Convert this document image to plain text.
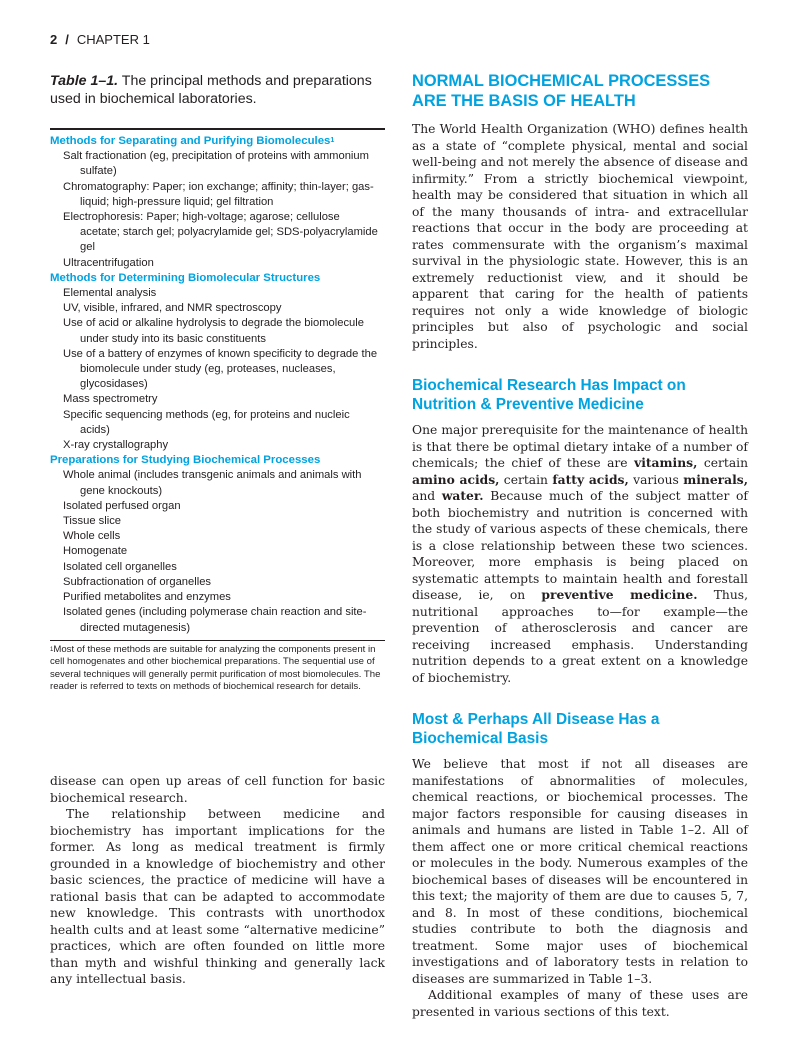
2 / CHAPTER 1
Table 1–1. The principal methods and preparations used in biochemical laboratories.
Methods for Separating and Purifying Biomolecules$^1$
Salt fractionation (eg, precipitation of proteins with ammonium sulfate)
Chromatography: Paper; ion exchange; affinity; thin-layer; gas-liquid; high-pressure liquid; gel filtration
Electrophoresis: Paper; high-voltage; agarose; cellulose acetate; starch gel; polyacrylamide gel; SDS-polyacrylamide gel
Ultracentrifugation
Methods for Determining Biomolecular Structures
Elemental analysis
UV, visible, infrared, and NMR spectroscopy
Use of acid or alkaline hydrolysis to degrade the biomolecule under study into its basic constituents
Use of a battery of enzymes of known specificity to degrade the biomolecule under study (eg, proteases, nucleases, glycosidases)
Mass spectrometry
Specific sequencing methods (eg, for proteins and nucleic acids)
X-ray crystallography
Preparations for Studying Biochemical Processes
Whole animal (includes transgenic animals and animals with gene knockouts)
Isolated perfused organ
Tissue slice
Whole cells
Homogenate
Isolated cell organelles
Subfractionation of organelles
Purified metabolites and enzymes
Isolated genes (including polymerase chain reaction and site-directed mutagenesis)
$^1$Most of these methods are suitable for analyzing the components present in cell homogenates and other biochemical preparations. The sequential use of several techniques will generally permit purification of most biomolecules. The reader is referred to texts on methods of biochemical research for details.

disease can open up areas of cell function for basic biochemical research.

The relationship between medicine and biochemistry has important implications for the former. As long as medical treatment is firmly grounded in a knowledge of biochemistry and other basic sciences, the practice of medicine will have a rational basis that can be adapted to accommodate new knowledge. This contrasts with unorthodox health cults and at least some “alternative medicine” practices, which are often founded on little more than myth and wishful thinking and generally lack any intellectual basis.

NORMAL BIOCHEMICAL PROCESSES ARE THE BASIS OF HEALTH

The World Health Organization (WHO) defines health as a state of “complete physical, mental and social well-being and not merely the absence of disease and infirmity.” From a strictly biochemical viewpoint, health may be considered that situation in which all of the many thousands of intra- and extracellular reactions that occur in the body are proceeding at rates commensurate with the organism’s maximal survival in the physiologic state. However, this is an extremely reductionist view, and it should be apparent that caring for the health of patients requires not only a wide knowledge of biologic principles but also of psychologic and social principles.

Biochemical Research Has Impact on Nutrition & Preventive Medicine

One major prerequisite for the maintenance of health is that there be optimal dietary intake of a number of chemicals; the chief of these are vitamins, certain amino acids, certain fatty acids, various minerals, and water. Because much of the subject matter of both biochemistry and nutrition is concerned with the study of various aspects of these chemicals, there is a close relationship between these two sciences. Moreover, more emphasis is being placed on systematic attempts to maintain health and forestall disease, ie, on preventive medicine. Thus, nutritional approaches to—for example—the prevention of atherosclerosis and cancer are receiving increased emphasis. Understanding nutrition depends to a great extent on a knowledge of biochemistry.

Most & Perhaps All Disease Has a Biochemical Basis

We believe that most if not all diseases are manifestations of abnormalities of molecules, chemical reactions, or biochemical processes. The major factors responsible for causing diseases in animals and humans are listed in Table 1–2. All of them affect one or more critical chemical reactions or molecules in the body. Numerous examples of the biochemical bases of diseases will be encountered in this text; the majority of them are due to causes 5, 7, and 8. In most of these conditions, biochemical studies contribute to both the diagnosis and treatment. Some major uses of biochemical investigations and of laboratory tests in relation to diseases are summarized in Table 1–3.

Additional examples of many of these uses are presented in various sections of this text.
